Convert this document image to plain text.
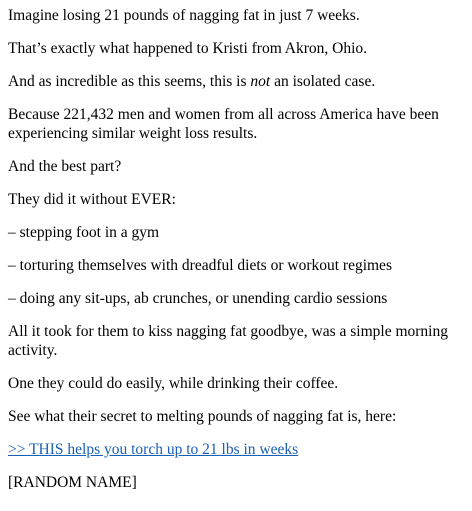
Imagine losing 21 pounds of nagging fat in just 7 weeks.

That’s exactly what happened to Kristi from Akron, Ohio.

And as incredible as this seems, this is not an isolated case.

Because 221,432 men and women from all across America have been experiencing similar weight loss results.

And the best part?

They did it without EVER:

– stepping foot in a gym

– torturing themselves with dreadful diets or workout regimes

– doing any sit-ups, ab crunches, or unending cardio sessions

All it took for them to kiss nagging fat goodbye, was a simple morning activity.

One they could do easily, while drinking their coffee.

See what their secret to melting pounds of nagging fat is, here:

>> THIS helps you torch up to 21 lbs in weeks

[RANDOM NAME]
